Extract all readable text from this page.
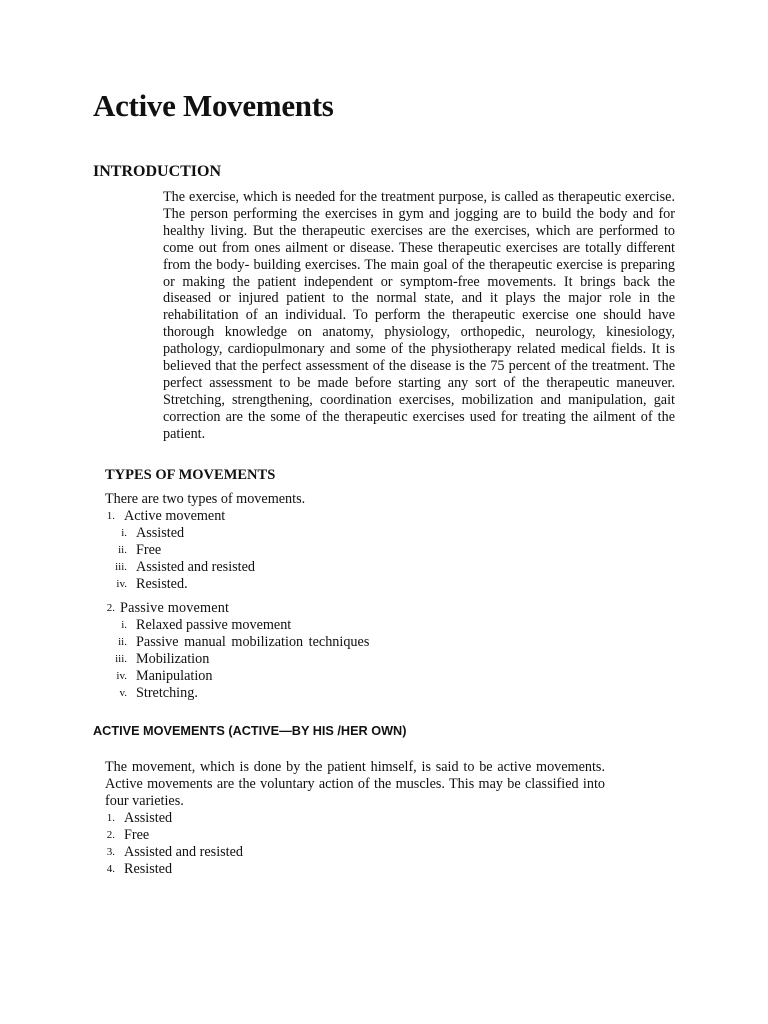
Active Movements
INTRODUCTION

The exercise, which is needed for the treatment purpose, is called as therapeutic exercise. The person performing the exercises in gym and jogging are to build the body and for healthy living. But the therapeutic exercises are the exercises, which are performed to come out from ones ailment or disease. These therapeutic exercises are totally different from the body- building exercises. The main goal of the therapeutic exercise is preparing or making the patient independent or symptom-free movements. It brings back the diseased or injured patient to the normal state, and it plays the major role in the rehabilitation of an individual. To perform the therapeutic exercise one should have thorough knowledge on anatomy, physiology, orthopedic, neurology, kinesiology, pathology, cardiopulmonary and some of the physiotherapy related medical fields. It is believed that the perfect assessment of the disease is the 75 percent of the treatment. The perfect assessment to be made before starting any sort of the therapeutic maneuver. Stretching, strengthening, coordination exercises, mobilization and manipulation, gait correction are the some of the therapeutic exercises used for treating the ailment of the patient.

TYPES OF MOVEMENTS

There are two types of movements.

1. Active movement
i. Assisted
ii. Free
iii. Assisted and resisted
iv. Resisted.
2. Passive movement
i. Relaxed passive movement
ii. Passive manual mobilization techniques
iii. Mobilization
iv. Manipulation
v. Stretching.
ACTIVE MOVEMENTS (ACTIVE—BY HIS /HER OWN)

The movement, which is done by the patient himself, is said to be active movements. Active movements are the voluntary action of the muscles. This may be classified into four varieties.

1. Assisted
2. Free
3. Assisted and resisted
4. Resisted
